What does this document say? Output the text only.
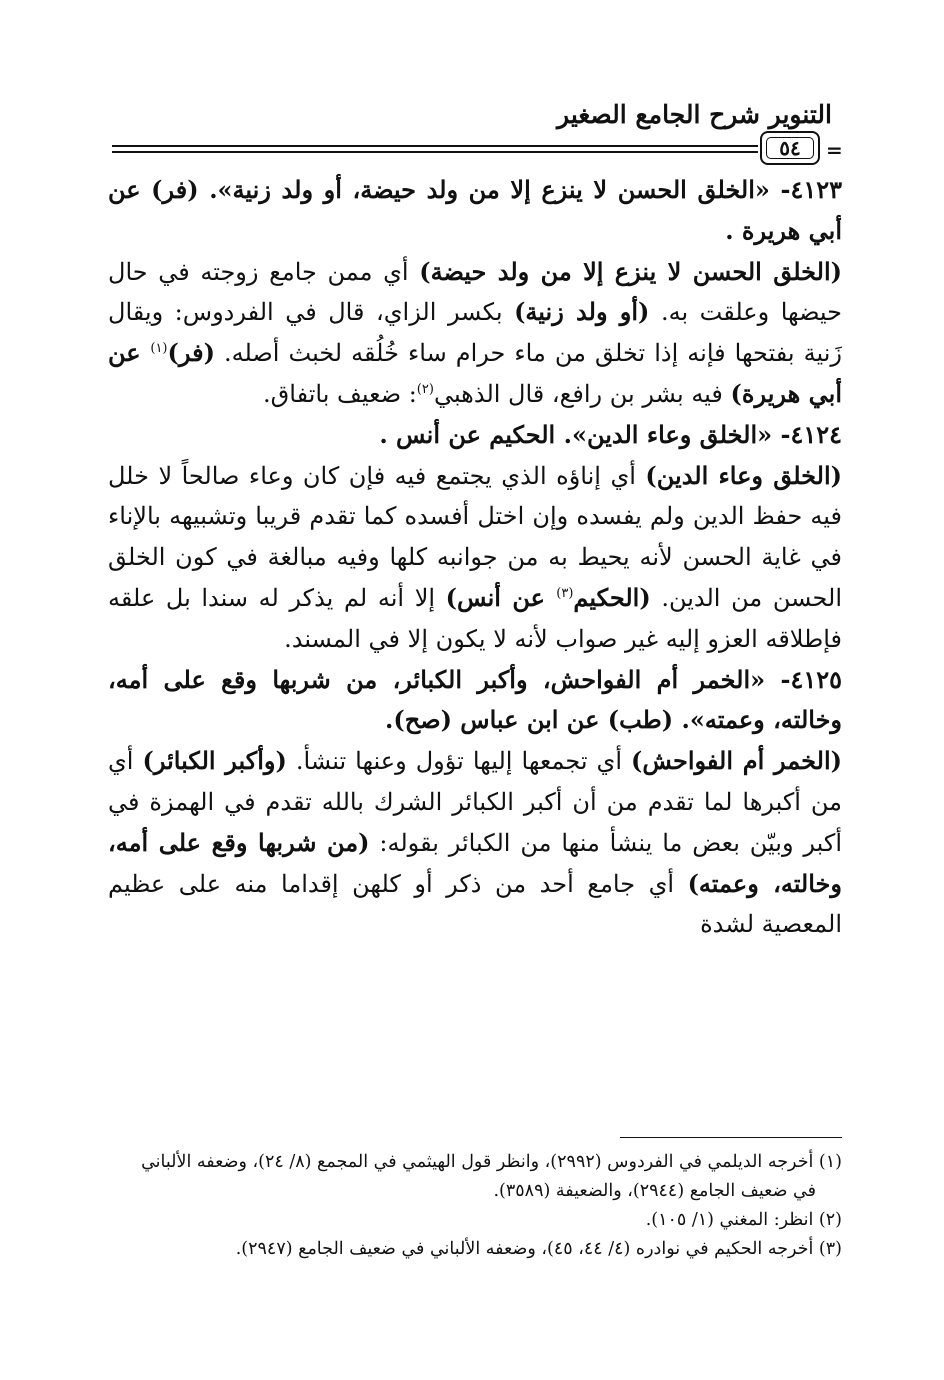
التنوير شرح الجامع الصغير
٥٤ =

٤١٢٣- «الخلق الحسن لا ينزع إلا من ولد حيضة، أو ولد زنية». (فر) عن أبي هريرة .

(الخلق الحسن لا ينزع إلا من ولد حيضة) أي ممن جامع زوجته في حال حيضها وعلقت به. (أو ولد زنية) بكسر الزاي، قال في الفردوس: ويقال زَنية بفتحها فإنه إذا تخلق من ماء حرام ساء خُلُقه لخبث أصله. (فر)$^{(١)}$ عن أبي هريرة) فيه بشر بن رافع، قال الذهبي$^{(٢)}$: ضعيف باتفاق.

٤١٢٤- «الخلق وعاء الدين». الحكيم عن أنس .

(الخلق وعاء الدين) أي إناؤه الذي يجتمع فيه فإن كان وعاء صالحاً لا خلل فيه حفظ الدين ولم يفسده وإن اختل أفسده كما تقدم قريبا وتشبيهه بالإناء في غاية الحسن لأنه يحيط به من جوانبه كلها وفيه مبالغة في كون الخلق الحسن من الدين. (الحكيم$^{(٣)}$ عن أنس) إلا أنه لم يذكر له سندا بل علقه فإطلاقه العزو إليه غير صواب لأنه لا يكون إلا في المسند.

٤١٢٥- «الخمر أم الفواحش، وأكبر الكبائر، من شربها وقع على أمه، وخالته، وعمته». (طب) عن ابن عباس (صح).

(الخمر أم الفواحش) أي تجمعها إليها تؤول وعنها تنشأ. (وأكبر الكبائر) أي من أكبرها لما تقدم من أن أكبر الكبائر الشرك بالله تقدم في الهمزة في أكبر وبيّن بعض ما ينشأ منها من الكبائر بقوله: (من شربها وقع على أمه، وخالته، وعمته) أي جامع أحد من ذكر أو كلهن إقداما منه على عظيم المعصية لشدة

(١) أخرجه الديلمي في الفردوس (٢٩٩٢)، وانظر قول الهيثمي في المجمع (٨/ ٢٤)، وضعفه الألباني

في ضعيف الجامع (٢٩٤٤)، والضعيفة (٣٥٨٩).

(٢) انظر: المغني (١/ ١٠٥).

(٣) أخرجه الحكيم في نوادره (٤/ ٤٤، ٤٥)، وضعفه الألباني في ضعيف الجامع (٢٩٤٧).
